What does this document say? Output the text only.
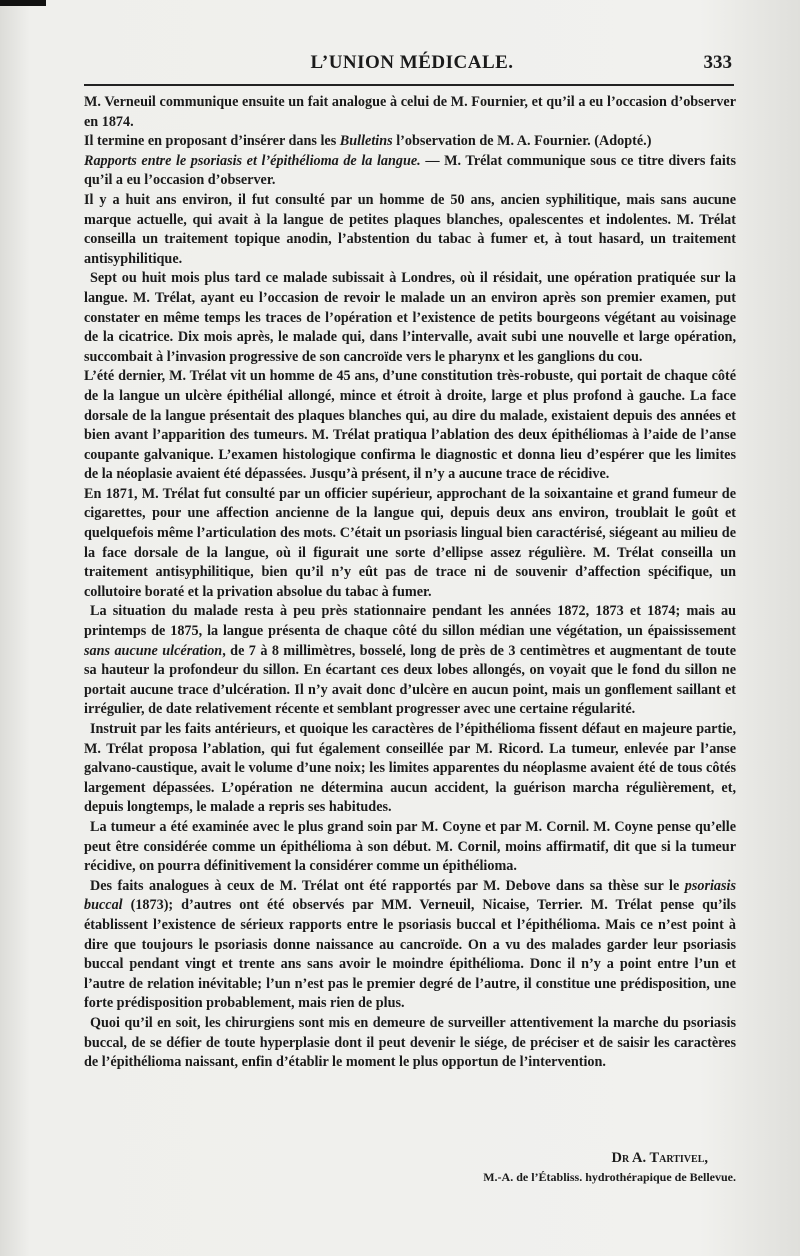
L’UNION MÉDICALE.	333

M. Verneuil communique ensuite un fait analogue à celui de M. Fournier, et qu’il a eu l’occasion d’observer en 1874.

Il termine en proposant d’insérer dans les Bulletins l’observation de M. A. Fournier. (Adopté.)

Rapports entre le psoriasis et l’épithélioma de la langue. — M. Trélat communique sous ce titre divers faits qu’il a eu l’occasion d’observer.

Il y a huit ans environ, il fut consulté par un homme de 50 ans, ancien syphilitique, mais sans aucune marque actuelle, qui avait à la langue de petites plaques blanches, opalescentes et indolentes. M. Trélat conseilla un traitement topique anodin, l’abstention du tabac à fumer et, à tout hasard, un traitement antisyphilitique.

Sept ou huit mois plus tard ce malade subissait à Londres, où il résidait, une opération pratiquée sur la langue. M. Trélat, ayant eu l’occasion de revoir le malade un an environ après son premier examen, put constater en même temps les traces de l’opération et l’existence de petits bourgeons végétant au voisinage de la cicatrice. Dix mois après, le malade qui, dans l’intervalle, avait subi une nouvelle et large opération, succombait à l’invasion progressive de son cancroïde vers le pharynx et les ganglions du cou.

L’été dernier, M. Trélat vit un homme de 45 ans, d’une constitution très-robuste, qui portait de chaque côté de la langue un ulcère épithélial allongé, mince et étroit à droite, large et plus profond à gauche. La face dorsale de la langue présentait des plaques blanches qui, au dire du malade, existaient depuis des années et bien avant l’apparition des tumeurs. M. Trélat pratiqua l’ablation des deux épithéliomas à l’aide de l’anse coupante galvanique. L’examen histologique confirma le diagnostic et donna lieu d’espérer que les limites de la néoplasie avaient été dépassées. Jusqu’à présent, il n’y a aucune trace de récidive.

En 1871, M. Trélat fut consulté par un officier supérieur, approchant de la soixantaine et grand fumeur de cigarettes, pour une affection ancienne de la langue qui, depuis deux ans environ, troublait le goût et quelquefois même l’articulation des mots. C’était un psoriasis lingual bien caractérisé, siégeant au milieu de la face dorsale de la langue, où il figurait une sorte d’ellipse assez régulière. M. Trélat conseilla un traitement antisyphilitique, bien qu’il n’y eût pas de trace ni de souvenir d’affection spécifique, un collutoire boraté et la privation absolue du tabac à fumer.

La situation du malade resta à peu près stationnaire pendant les années 1872, 1873 et 1874; mais au printemps de 1875, la langue présenta de chaque côté du sillon médian une végétation, un épaississement sans aucune ulcération, de 7 à 8 millimètres, bosselé, long de près de 3 centimètres et augmentant de toute sa hauteur la profondeur du sillon. En écartant ces deux lobes allongés, on voyait que le fond du sillon ne portait aucune trace d’ulcération. Il n’y avait donc d’ulcère en aucun point, mais un gonflement saillant et irrégulier, de date relativement récente et semblant progresser avec une certaine régularité.

Instruit par les faits antérieurs, et quoique les caractères de l’épithélioma fissent défaut en majeure partie, M. Trélat proposa l’ablation, qui fut également conseillée par M. Ricord. La tumeur, enlevée par l’anse galvano-caustique, avait le volume d’une noix; les limites apparentes du néoplasme avaient été de tous côtés largement dépassées. L’opération ne détermina aucun accident, la guérison marcha régulièrement, et, depuis longtemps, le malade a repris ses habitudes.

La tumeur a été examinée avec le plus grand soin par M. Coyne et par M. Cornil. M. Coyne pense qu’elle peut être considérée comme un épithélioma à son début. M. Cornil, moins affirmatif, dit que si la tumeur récidive, on pourra définitivement la considérer comme un épithélioma.

Des faits analogues à ceux de M. Trélat ont été rapportés par M. Debove dans sa thèse sur le psoriasis buccal (1873); d’autres ont été observés par MM. Verneuil, Nicaise, Terrier. M. Trélat pense qu’ils établissent l’existence de sérieux rapports entre le psoriasis buccal et l’épithélioma. Mais ce n’est point à dire que toujours le psoriasis donne naissance au cancroïde. On a vu des malades garder leur psoriasis buccal pendant vingt et trente ans sans avoir le moindre épithélioma. Donc il n’y a point entre l’un et l’autre de relation inévitable; l’un n’est pas le premier degré de l’autre, il constitue une prédisposition, une forte prédisposition probablement, mais rien de plus.

Quoi qu’il en soit, les chirurgiens sont mis en demeure de surveiller attentivement la marche du psoriasis buccal, de se défier de toute hyperplasie dont il peut devenir le siége, de préciser et de saisir les caractères de l’épithélioma naissant, enfin d’établir le moment le plus opportun de l’intervention.

Dr A. Tartivel,
M.-A. de l’Établiss. hydrothérapique de Bellevue.
